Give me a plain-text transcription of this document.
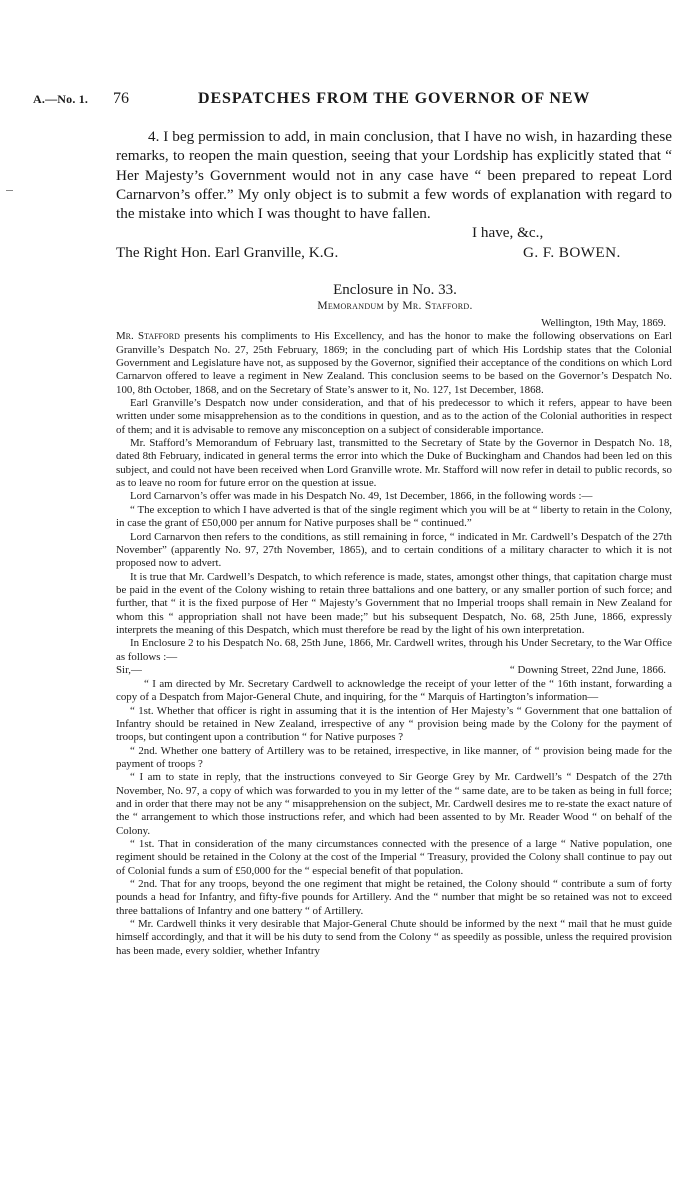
A.—No. 1. 76	DESPATCHES FROM THE GOVERNOR OF NEW

4. I beg permission to add, in main conclusion, that I have no wish, in hazarding these remarks, to reopen the main question, seeing that your Lordship has explicitly stated that “ Her Majesty’s Government would not in any case have “ been prepared to repeat Lord Carnarvon’s offer.” My only object is to submit a few words of explanation with regard to the mistake into which I was thought to have fallen.

I have, &c.,
The Right Hon. Earl Granville, K.G.	G. F. BOWEN.
Enclosure in No. 33.
Memorandum by Mr. Stafford.

Wellington, 19th May, 1869.

Mr. Stafford presents his compliments to His Excellency, and has the honor to make the following observations on Earl Granville’s Despatch No. 27, 25th February, 1869; in the concluding part of which His Lordship states that the Colonial Government and Legislature have not, as supposed by the Governor, signified their acceptance of the conditions on which Lord Carnarvon offered to leave a regiment in New Zealand. This conclusion seems to be based on the Governor’s Despatch No. 100, 8th October, 1868, and on the Secretary of State’s answer to it, No. 127, 1st December, 1868.

Earl Granville’s Despatch now under consideration, and that of his predecessor to which it refers, appear to have been written under some misapprehension as to the conditions in question, and as to the action of the Colonial authorities in respect of them; and it is advisable to remove any misconception on a subject of considerable importance.

Mr. Stafford’s Memorandum of February last, transmitted to the Secretary of State by the Governor in Despatch No. 18, dated 8th February, indicated in general terms the error into which the Duke of Buckingham and Chandos had been led on this subject, and could not have been received when Lord Granville wrote. Mr. Stafford will now refer in detail to public records, so as to leave no room for future error on the question at issue.

Lord Carnarvon’s offer was made in his Despatch No. 49, 1st December, 1866, in the following words :—

“ The exception to which I have adverted is that of the single regiment which you will be at “ liberty to retain in the Colony, in case the grant of £50,000 per annum for Native purposes shall be “ continued.”

Lord Carnarvon then refers to the conditions, as still remaining in force, “ indicated in Mr. Cardwell’s Despatch of the 27th November” (apparently No. 97, 27th November, 1865), and to certain conditions of a military character to which it is not proposed now to advert.

It is true that Mr. Cardwell’s Despatch, to which reference is made, states, amongst other things, that capitation charge must be paid in the event of the Colony wishing to retain three battalions and one battery, or any smaller portion of such force; and further, that “ it is the fixed purpose of Her “ Majesty’s Government that no Imperial troops shall remain in New Zealand for whom this “ appropriation shall not have been made;” but his subsequent Despatch, No. 68, 25th June, 1866, expressly interprets the meaning of this Despatch, which must therefore be read by the light of his own interpretation.

In Enclosure 2 to his Despatch No. 68, 25th June, 1866, Mr. Cardwell writes, through his Under Secretary, to the War Office as follows :—

Sir,—	“ Downing Street, 22nd June, 1866.

“ I am directed by Mr. Secretary Cardwell to acknowledge the receipt of your letter of the “ 16th instant, forwarding a copy of a Despatch from Major-General Chute, and inquiring, for the “ Marquis of Hartington’s information—

“ 1st. Whether that officer is right in assuming that it is the intention of Her Majesty’s “ Government that one battalion of Infantry should be retained in New Zealand, irrespective of any “ provision being made by the Colony for the payment of troops, but contingent upon a contribution “ for Native purposes ?

“ 2nd. Whether one battery of Artillery was to be retained, irrespective, in like manner, of “ provision being made for the payment of troops ?

“ I am to state in reply, that the instructions conveyed to Sir George Grey by Mr. Cardwell’s “ Despatch of the 27th November, No. 97, a copy of which was forwarded to you in my letter of the “ same date, are to be taken as being in full force; and in order that there may not be any “ misapprehension on the subject, Mr. Cardwell desires me to re-state the exact nature of the “ arrangement to which those instructions refer, and which had been assented to by Mr. Reader Wood “ on behalf of the Colony.

“ 1st. That in consideration of the many circumstances connected with the presence of a large “ Native population, one regiment should be retained in the Colony at the cost of the Imperial “ Treasury, provided the Colony shall continue to pay out of Colonial funds a sum of £50,000 for the “ especial benefit of that population.

“ 2nd. That for any troops, beyond the one regiment that might be retained, the Colony should “ contribute a sum of forty pounds a head for Infantry, and fifty-five pounds for Artillery. And the “ number that might be so retained was not to exceed three battalions of Infantry and one battery “ of Artillery.

“ Mr. Cardwell thinks it very desirable that Major-General Chute should be informed by the next “ mail that he must guide himself accordingly, and that it will be his duty to send from the Colony “ as speedily as possible, unless the required provision has been made, every soldier, whether Infantry
